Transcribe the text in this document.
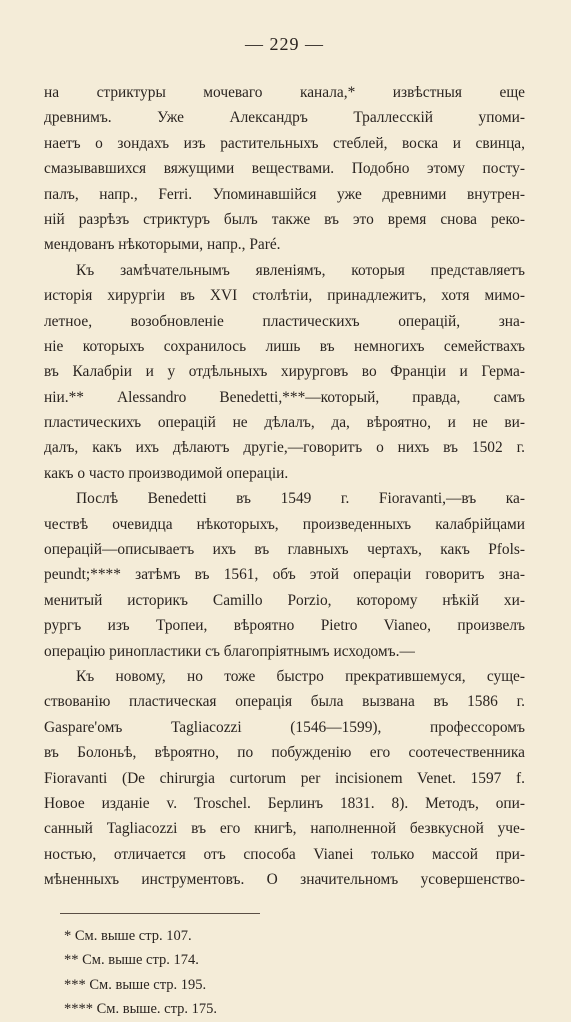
— 229 —
на стриктуры мочеваго канала,* извѣстныя еще
древнимъ. Уже Александръ Траллесскій упоми-
наетъ о зондахъ изъ растительныхъ стеблей, воска и свинца,
смазывавшихся вяжущими веществами. Подобно этому посту-
палъ, напр., Ferri. Упоминавшійся уже древними внутрен-
ній разрѣзъ стриктуръ былъ также въ это время снова реко-
мендованъ нѣкоторыми, напр., Paré.
Къ замѣчательнымъ явленіямъ, которыя представляетъ
исторія хирургіи въ XVI столѣтіи, принадлежитъ, хотя мимо-
летное, возобновленіе пластическихъ операцій, зна-
ніе которыхъ сохранилось лишь въ немногихъ семействахъ
въ Калабріи и у отдѣльныхъ хирурговъ во Франціи и Герма-
ніи.** Alessandro Benedetti,***—который, правда, самъ
пластическихъ операцій не дѣлалъ, да, вѣроятно, и не ви-
далъ, какъ ихъ дѣлаютъ другіе,—говоритъ о нихъ въ 1502 г.
какъ о часто производимой операціи.
Послѣ Benedetti въ 1549 г. Fioravanti,—въ ка-
чествѣ очевидца нѣкоторыхъ, произведенныхъ калабрійцами
операцій—описываетъ ихъ въ главныхъ чертахъ, какъ Pfols-
peundt;**** затѣмъ въ 1561, объ этой операціи говоритъ зна-
менитый историкъ Camillo Porzio, которому нѣкій хи-
рургъ изъ Тропеи, вѣроятно Pietro Vianeo, произвелъ
операцію ринопластики съ благопріятнымъ исходомъ.—
Къ новому, но тоже быстро прекратившемуся, суще-
ствованію пластическая операція была вызвана въ 1586 г.
Gaspare'омъ Tagliacozzi (1546—1599), профессоромъ
въ Болоньѣ, вѣроятно, по побужденію его соотечественника
Fioravanti (De chirurgia curtorum per incisionem Venet. 1597 f.
Новое изданіе v. Troschel. Берлинъ 1831. 8). Методъ, опи-
санный Tagliacozzi въ его книгѣ, наполненной безвкусной уче-
ностью, отличается отъ способа Vianei только массой при-
мѣненныхъ инструментовъ. О значительномъ усовершенство-
* См. выше стр. 107.
** См. выше стр. 174.
*** См. выше стр. 195.
**** См. выше. стр. 175.
